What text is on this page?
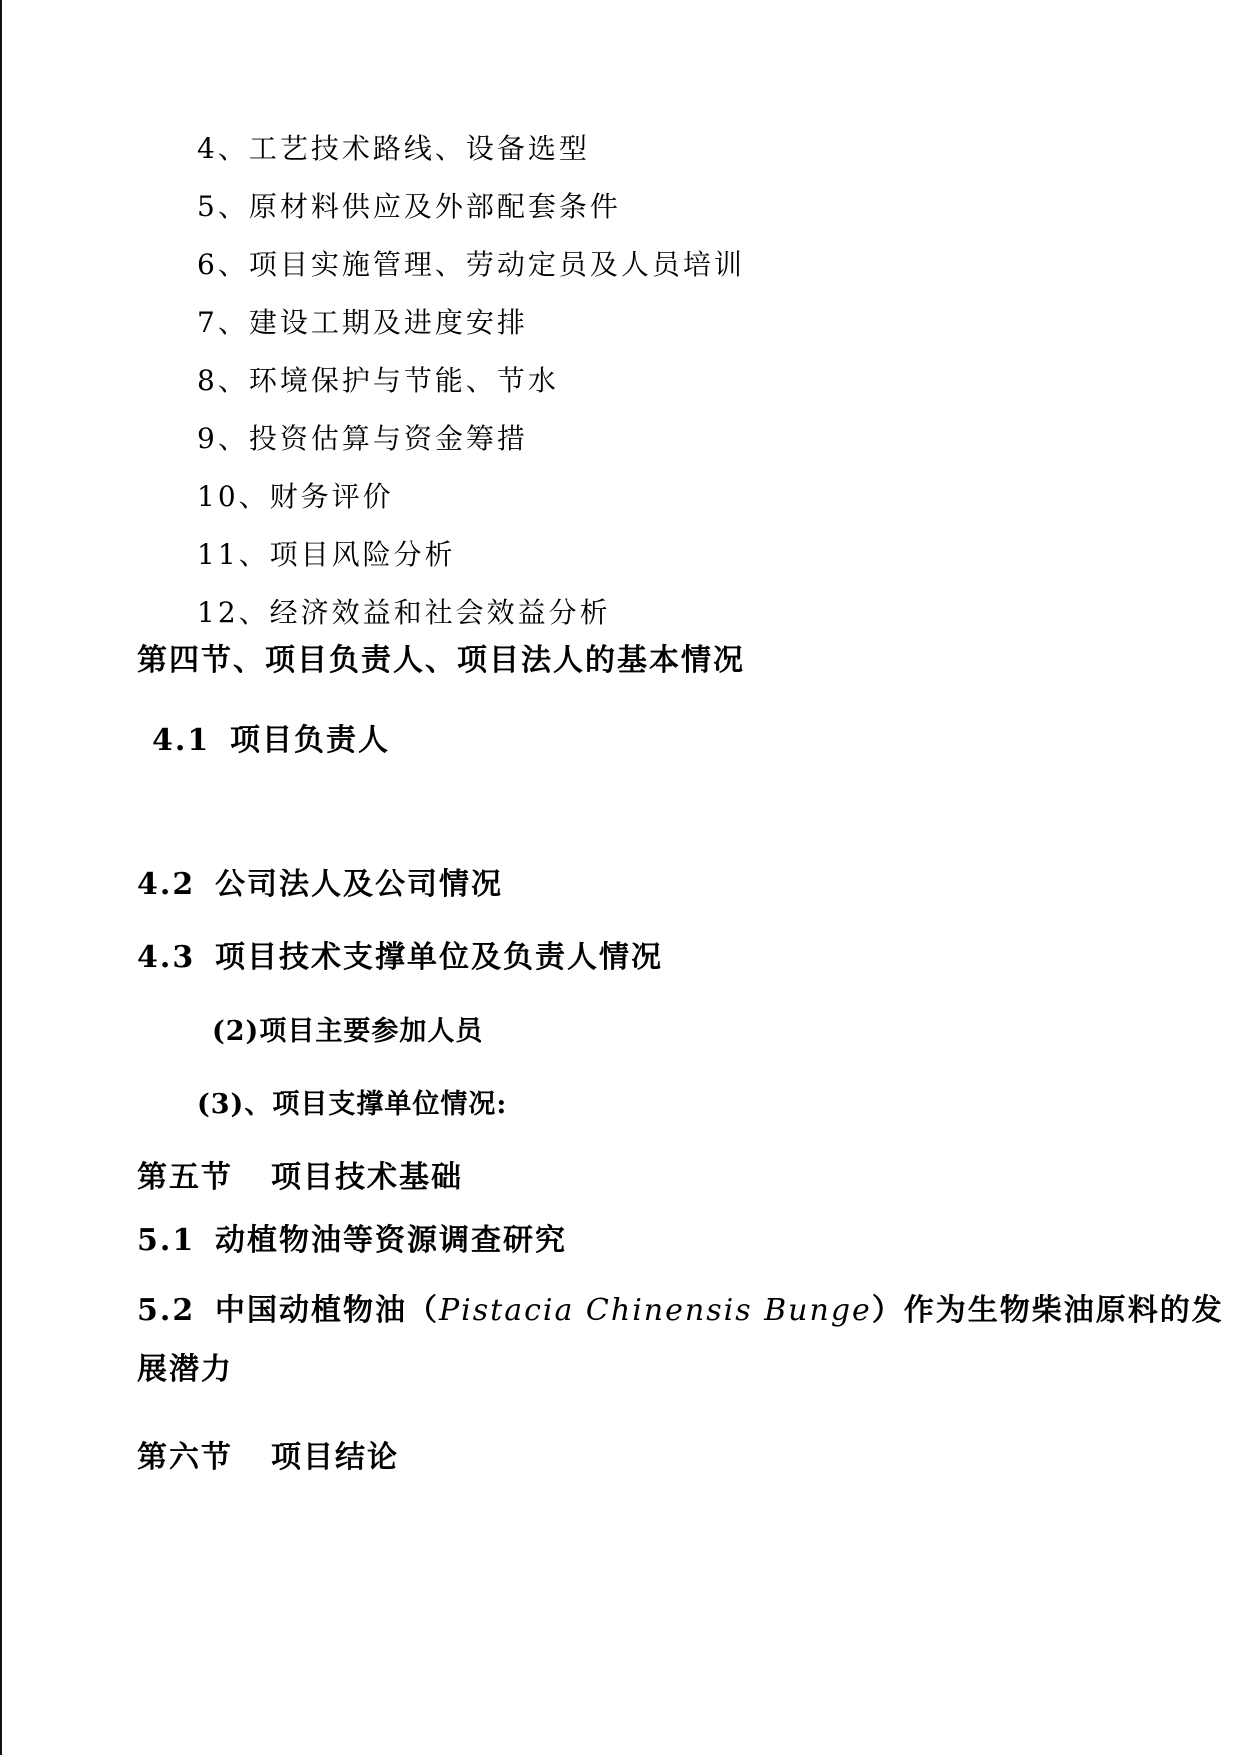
4、工艺技术路线、设备选型
5、原材料供应及外部配套条件
6、项目实施管理、劳动定员及人员培训
7、建设工期及进度安排
8、环境保护与节能、节水
9、投资估算与资金筹措
10、财务评价
11、项目风险分析
12、经济效益和社会效益分析
第四节、项目负责人、项目法人的基本情况
4.1 项目负责人
4.2 公司法人及公司情况
4.3 项目技术支撑单位及负责人情况
(2)项目主要参加人员
(3)、项目支撑单位情况:
第五节 项目技术基础
5.1 动植物油等资源调查研究
5.2 中国动植物油（Pistacia Chinensis Bunge）作为生物柴油原料的发
展潜力
第六节 项目结论
